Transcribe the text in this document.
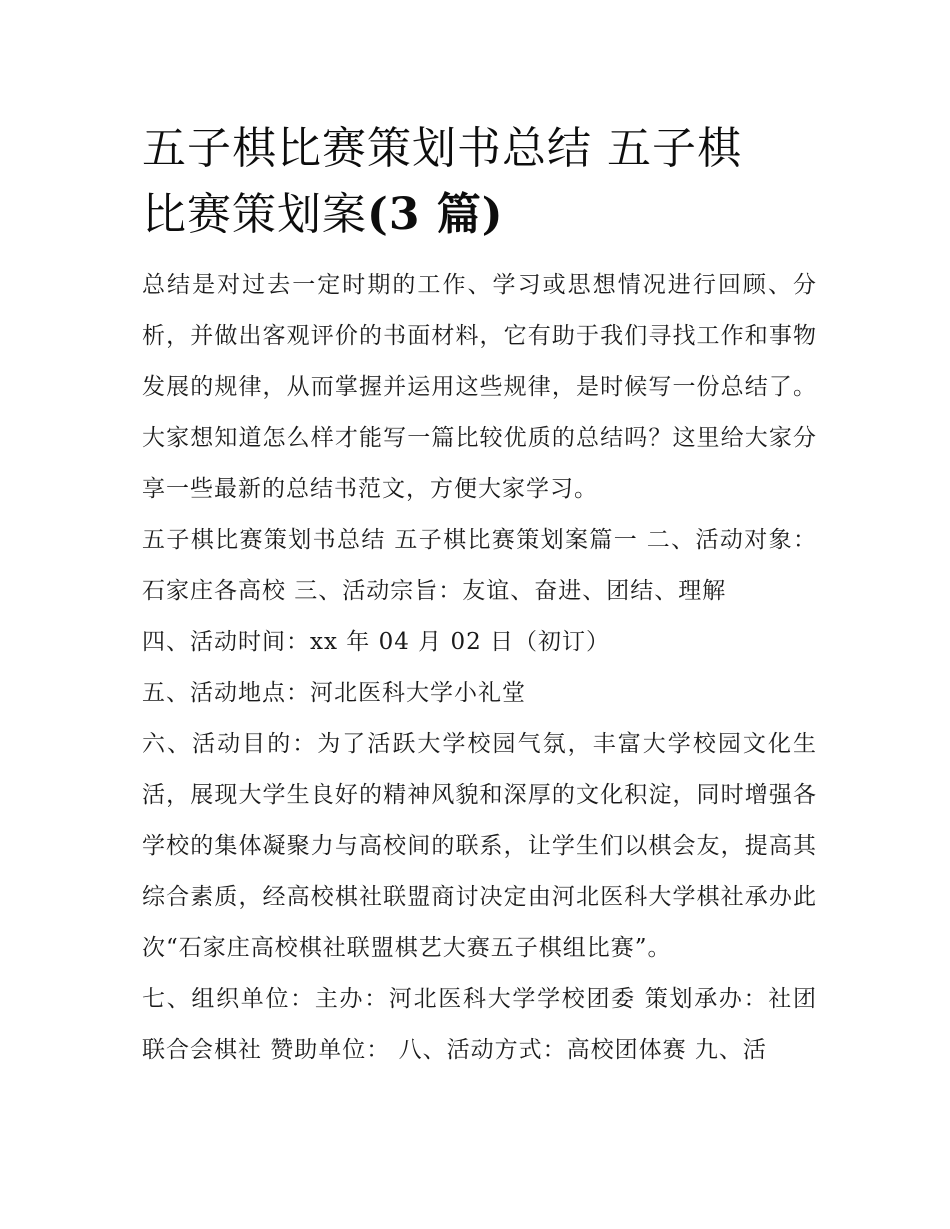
五子棋比赛策划书总结 五子棋
比赛策划案(3 篇)

总结是对过去一定时期的工作、学习或思想情况进行回顾、分析，并做出客观评价的书面材料，它有助于我们寻找工作和事物发展的规律，从而掌握并运用这些规律，是时候写一份总结了。大家想知道怎么样才能写一篇比较优质的总结吗？这里给大家分享一些最新的总结书范文，方便大家学习。

五子棋比赛策划书总结 五子棋比赛策划案篇一 二、活动对象：石家庄各高校 三、活动宗旨：友谊、奋进、团结、理解

四、活动时间：xx 年 04 月 02 日（初订）

五、活动地点：河北医科大学小礼堂

六、活动目的：为了活跃大学校园气氛，丰富大学校园文化生活，展现大学生良好的精神风貌和深厚的文化积淀，同时增强各学校的集体凝聚力与高校间的联系，让学生们以棋会友，提高其综合素质，经高校棋社联盟商讨决定由河北医科大学棋社承办此次“石家庄高校棋社联盟棋艺大赛五子棋组比赛”。

七、组织单位：主办：河北医科大学学校团委 策划承办：社团联合会棋社 赞助单位： 八、活动方式：高校团体赛 九、活
